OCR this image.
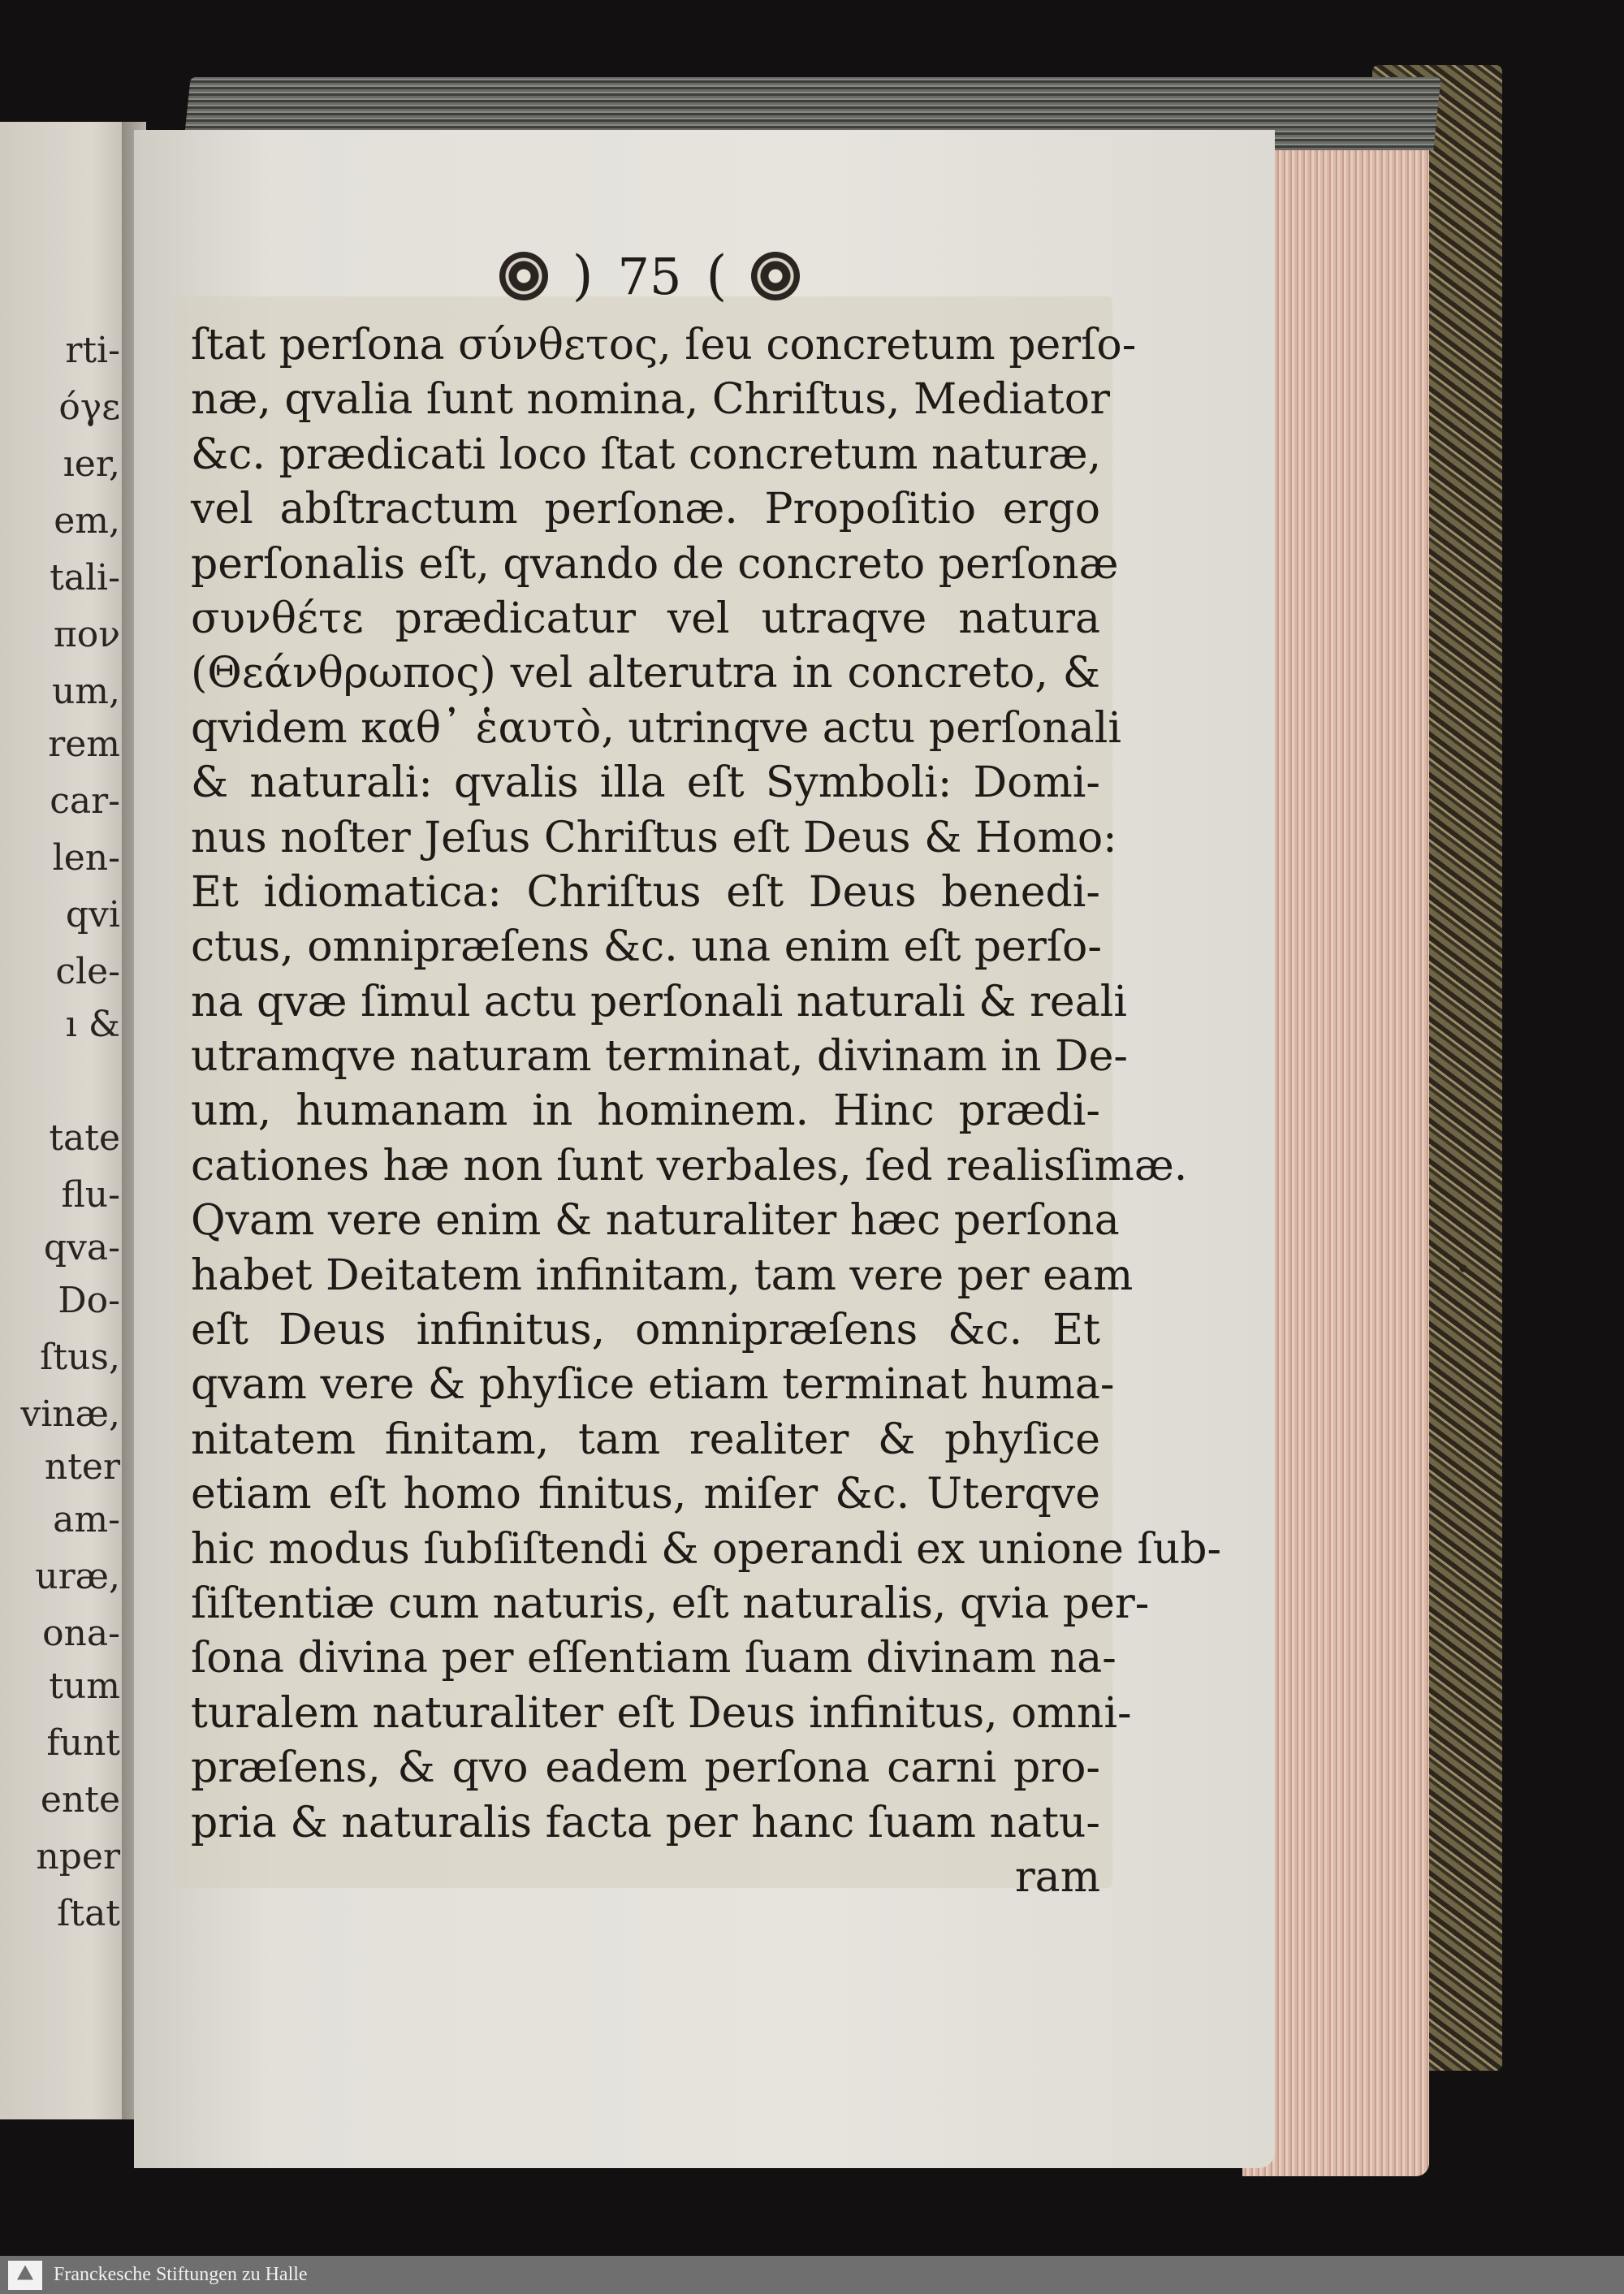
rti-
όγε
ıer,
em,
tali-
πον
um,
rem
car-
len-
qvi
cle-
ı &
tate
flu-
qva-
Do-
ſtus,
vinæ,
nter
am-
uræ,
ona-
tum
funt
ente
nper
ſtat
) 75 (
ſtat perſona σύνθετος, ſeu concretum perſo-
næ, qvalia ſunt nomina, Chriſtus, Mediator
&c. prædicati loco ſtat concretum naturæ,
vel abſtractum perſonæ. Propoſitio ergo
perſonalis eſt, qvando de concreto perſonæ
συνθέτε prædicatur vel utraqve natura
(Θεάνθρωπος) vel alterutra in concreto, &
qvidem καθ᾽ ἑαυτὸ, utrinqve actu perſonali
& naturali: qvalis illa eſt Symboli: Domi-
nus noſter Jeſus Chriſtus eſt Deus & Homo:
Et idiomatica: Chriſtus eſt Deus benedi-
ctus, omnipræſens &c. una enim eſt perſo-
na qvæ ſimul actu perſonali naturali & reali
utramqve naturam terminat, divinam in De-
um, humanam in hominem. Hinc prædi-
cationes hæ non ſunt verbales, ſed realisſimæ.
Qvam vere enim & naturaliter hæc perſona
habet Deitatem infinitam, tam vere per eam
eſt Deus infinitus, omnipræſens &c. Et
qvam vere & phyſice etiam terminat huma-
nitatem finitam, tam realiter & phyſice
etiam eſt homo finitus, miſer &c. Uterqve
hic modus ſubſiſtendi & operandi ex unione ſub-
ſiſtentiæ cum naturis, eſt naturalis, qvia per-
ſona divina per eſſentiam ſuam divinam na-
turalem naturaliter eſt Deus infinitus, omni-
præſens, & qvo eadem perſona carni pro-
pria & naturalis facta per hanc ſuam natu-
ram
Franckesche Stiftungen zu Halle
